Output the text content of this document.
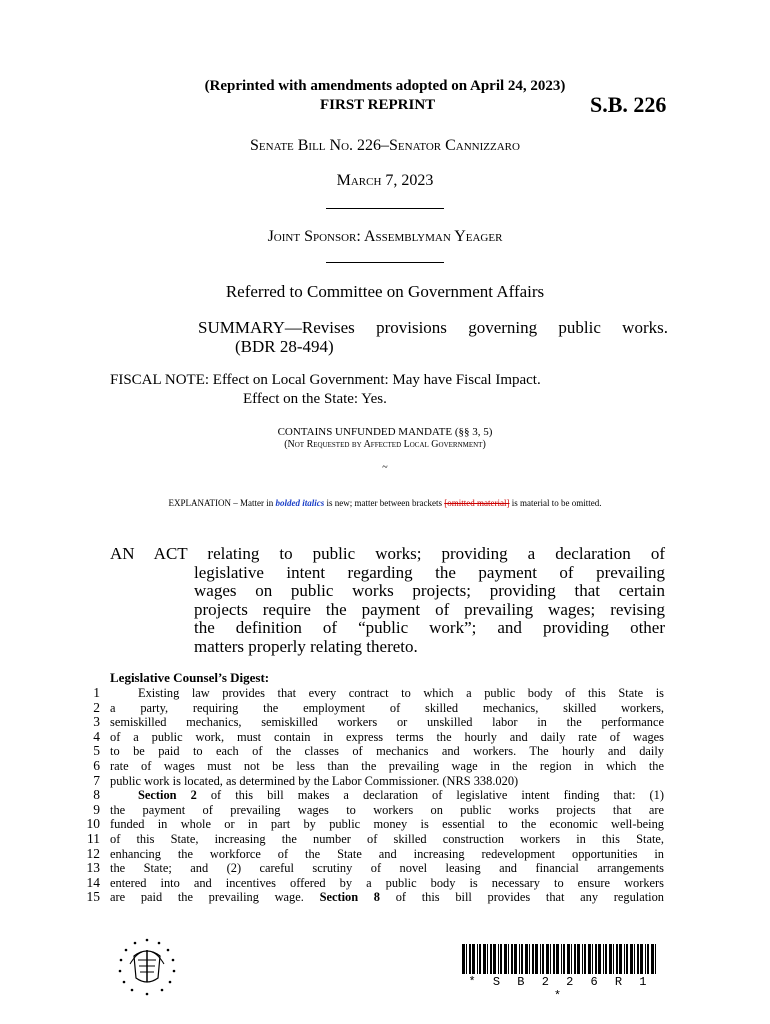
(Reprinted with amendments adopted on April 24, 2023)
FIRST REPRINT	S.B. 226
Senate Bill No. 226–Senator Cannizzaro
March 7, 2023
Joint Sponsor: Assemblyman Yeager
Referred to Committee on Government Affairs
SUMMARY—Revises provisions governing public works.
(BDR 28-494)
FISCAL NOTE: Effect on Local Government: May have Fiscal Impact.
Effect on the State: Yes.
CONTAINS UNFUNDED MANDATE (§§ 3, 5)
(Not Requested by Affected Local Government)
~
EXPLANATION – Matter in bolded italics is new; matter between brackets [omitted material] is material to be omitted.
AN ACT relating to public works; providing a declaration of
legislative intent regarding the payment of prevailing
wages on public works projects; providing that certain
projects require the payment of prevailing wages; revising
the definition of “public work”; and providing other
matters properly relating thereto.
Legislative Counsel’s Digest:
1
2
3
4
5
6
7
8
9
10
11
12
13
14
15
Existing law provides that every contract to which a public body of this State is
a party, requiring the employment of skilled mechanics, skilled workers,
semiskilled mechanics, semiskilled workers or unskilled labor in the performance
of a public work, must contain in express terms the hourly and daily rate of wages
to be paid to each of the classes of mechanics and workers. The hourly and daily
rate of wages must not be less than the prevailing wage in the region in which the
public work is located, as determined by the Labor Commissioner. (NRS 338.020)
Section 2 of this bill makes a declaration of legislative intent finding that: (1)
the payment of prevailing wages to workers on public works projects that are
funded in whole or in part by public money is essential to the economic well-being
of this State, increasing the number of skilled construction workers in this State,
enhancing the workforce of the State and increasing redevelopment opportunities in
the State; and (2) careful scrutiny of novel leasing and financial arrangements
entered into and incentives offered by a public body is necessary to ensure workers
are paid the prevailing wage. Section 8 of this bill provides that any regulation
* S B 2 2 6 R 1 *
